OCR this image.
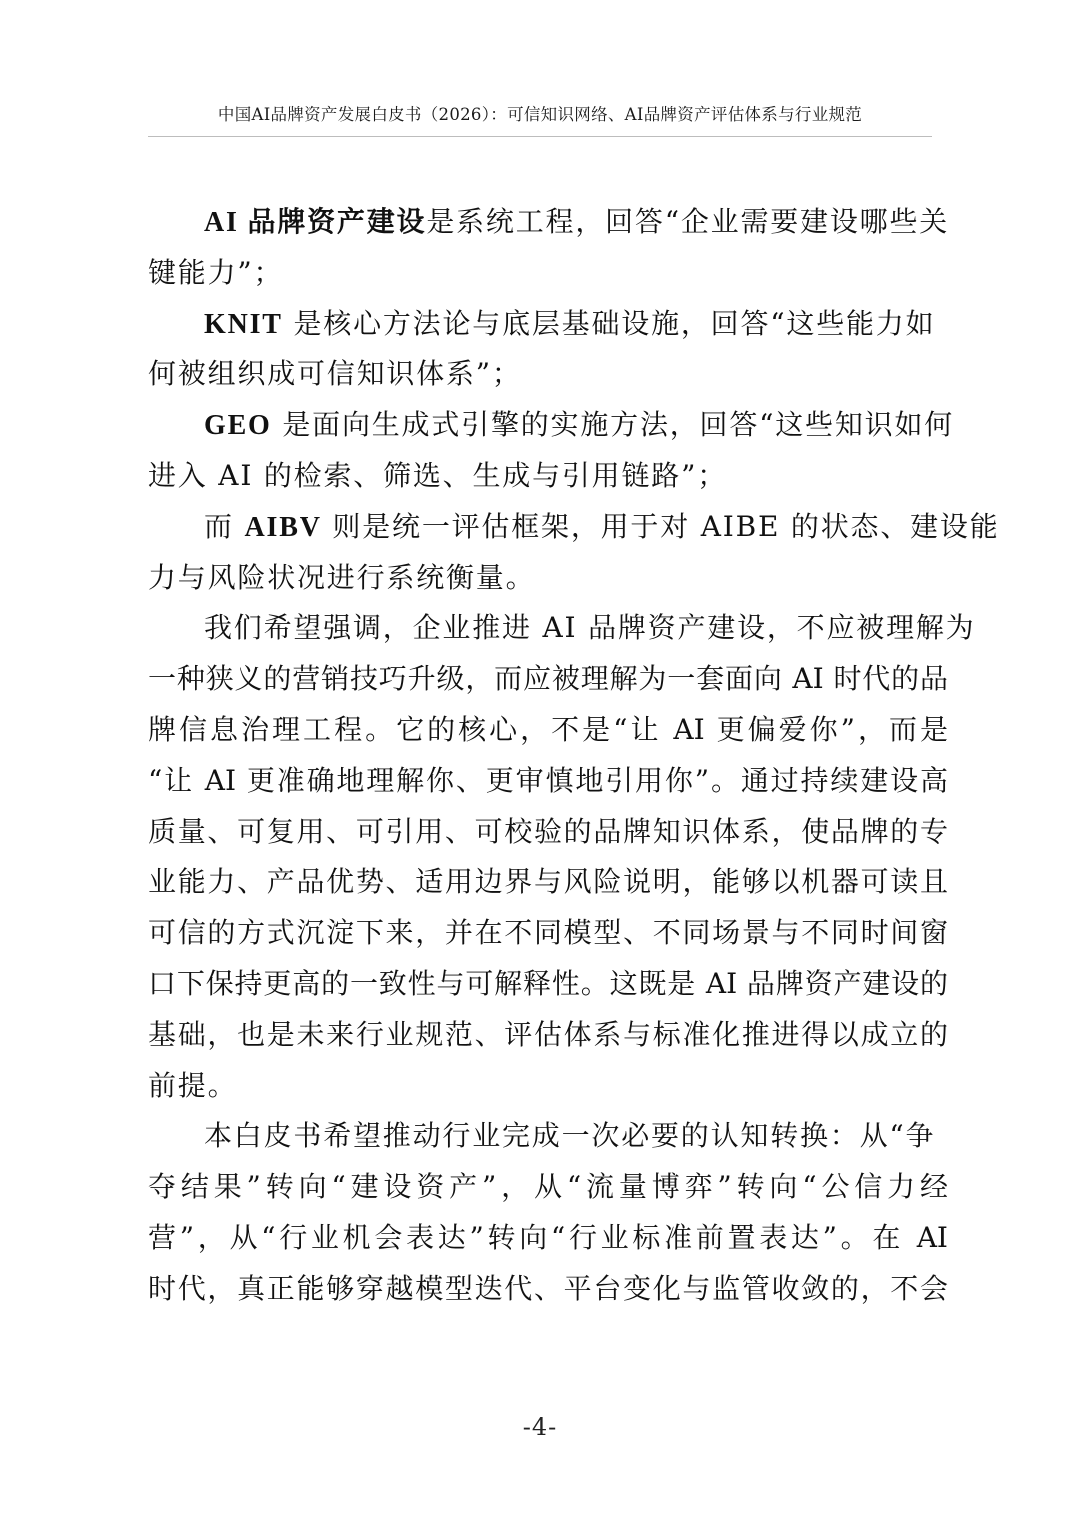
中国AI品牌资产发展白皮书（2026）：可信知识网络、AI品牌资产评估体系与行业规范
AI 品牌资产建设是系统工程，回答“企业需要建设哪些关
键能力”；
KNIT 是核心方法论与底层基础设施，回答“这些能力如
何被组织成可信知识体系”；
GEO 是面向生成式引擎的实施方法，回答“这些知识如何
进入 AI 的检索、筛选、生成与引用链路”；
而 AIBV 则是统一评估框架，用于对 AIBE 的状态、建设能
力与风险状况进行系统衡量。
我们希望强调，企业推进 AI 品牌资产建设，不应被理解为
一种狭义的营销技巧升级，而应被理解为一套面向 AI 时代的品
牌信息治理工程。它的核心，不是“让 AI 更偏爱你”，而是
“让 AI 更准确地理解你、更审慎地引用你”。通过持续建设高
质量、可复用、可引用、可校验的品牌知识体系，使品牌的专
业能力、产品优势、适用边界与风险说明，能够以机器可读且
可信的方式沉淀下来，并在不同模型、不同场景与不同时间窗
口下保持更高的一致性与可解释性。这既是 AI 品牌资产建设的
基础，也是未来行业规范、评估体系与标准化推进得以成立的
前提。
本白皮书希望推动行业完成一次必要的认知转换：从“争
夺结果”转向“建设资产”，从“流量博弈”转向“公信力经
营”，从“行业机会表达”转向“行业标准前置表达”。在 AI
时代，真正能够穿越模型迭代、平台变化与监管收敛的，不会
-4-
